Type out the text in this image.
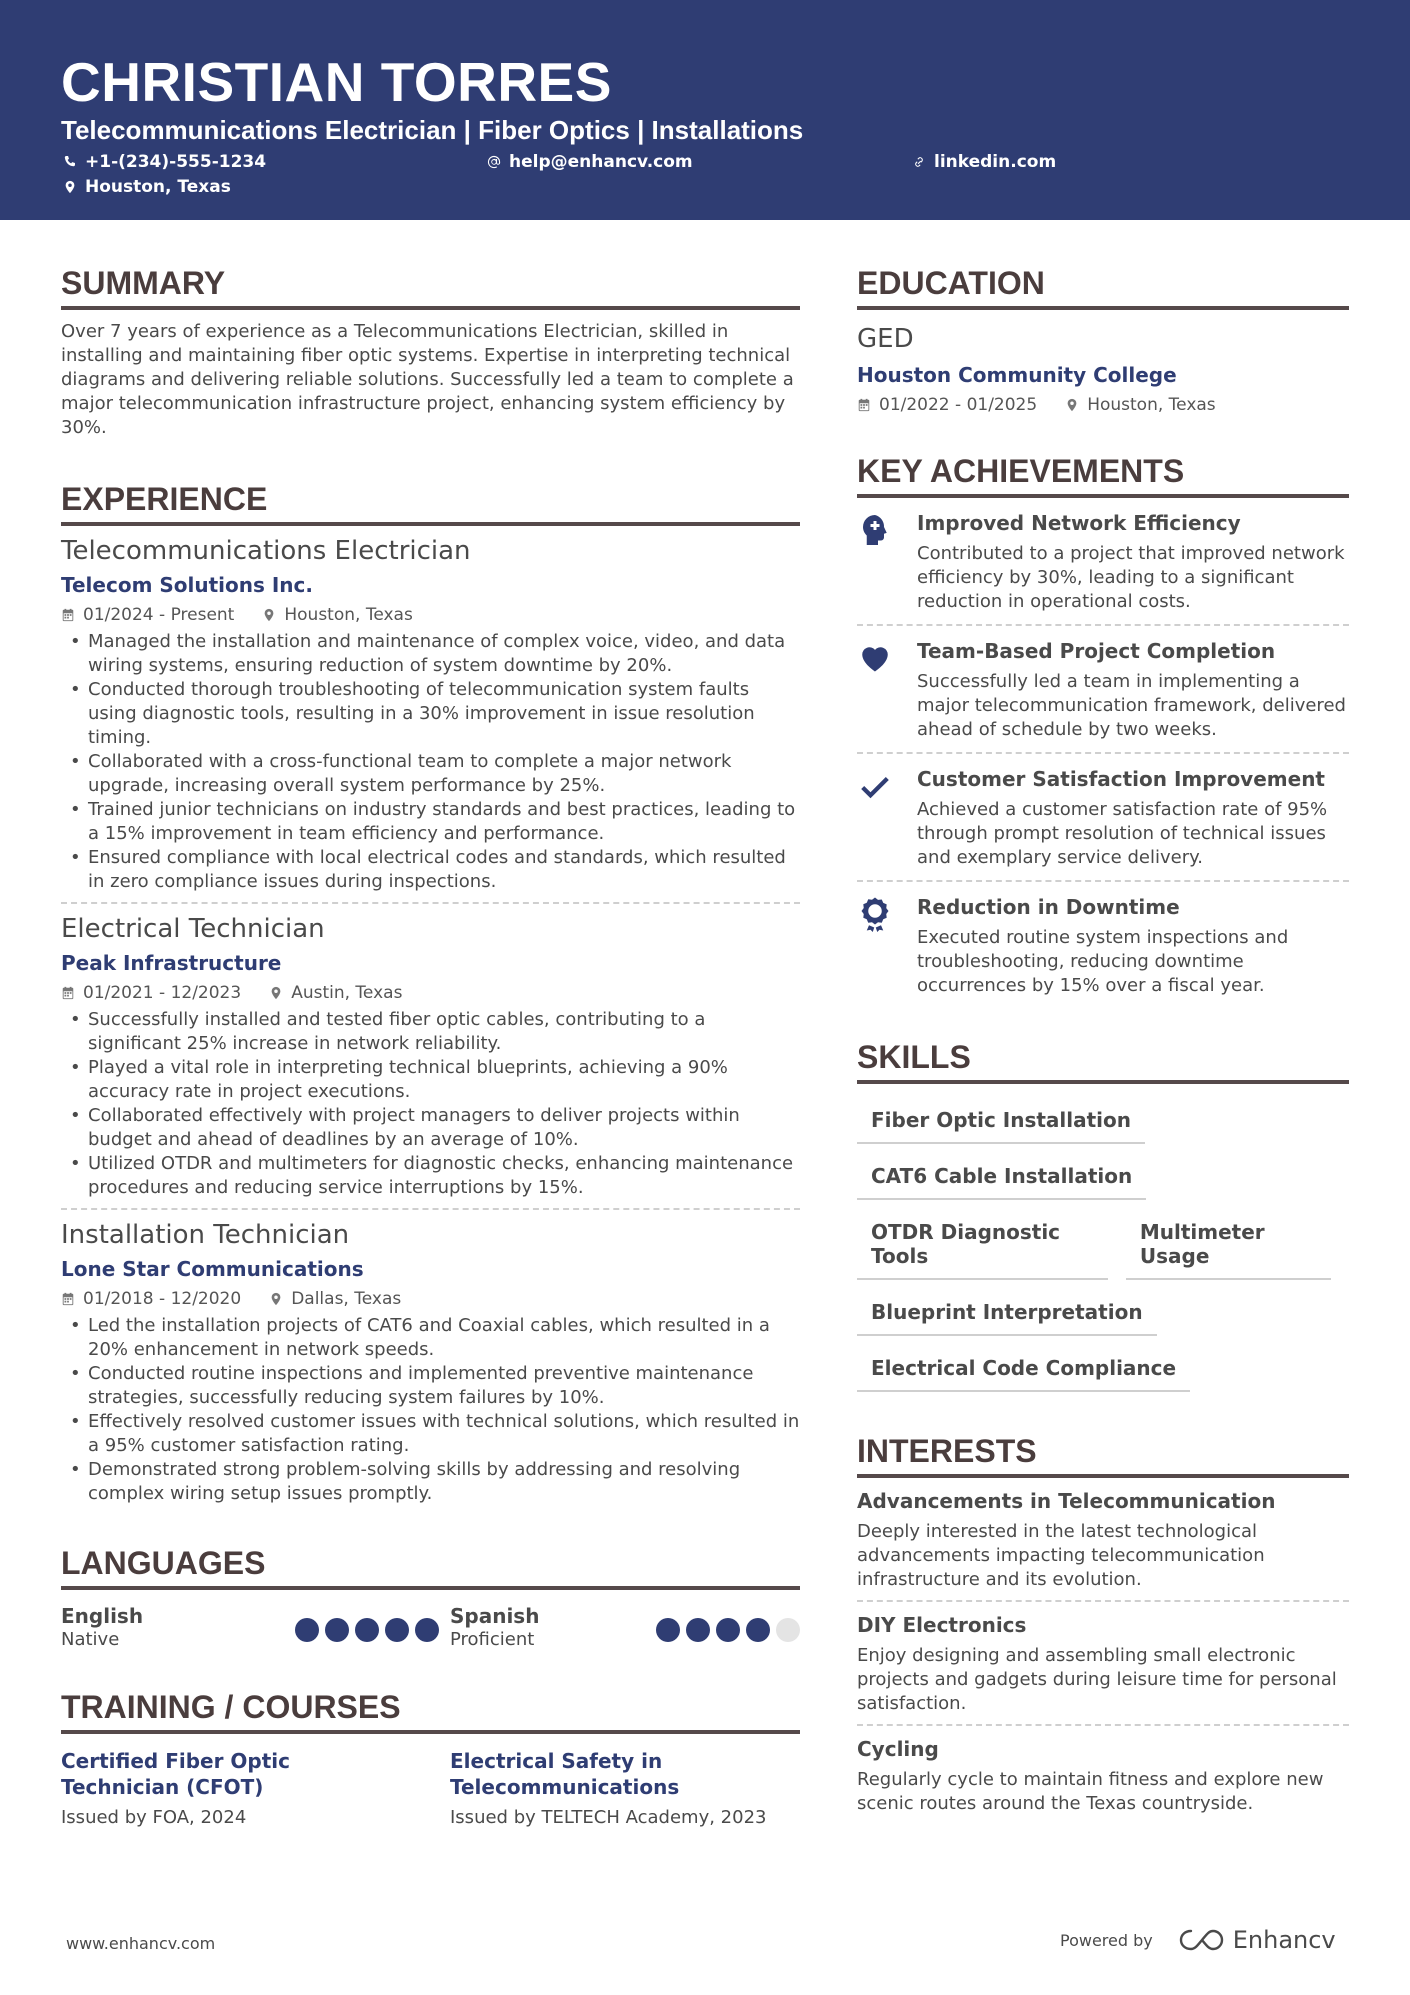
CHRISTIAN TORRES
Telecommunications Electrician | Fiber Optics | Installations
+1-(234)-555-1234	help@enhancv.com	linkedin.com
Houston, Texas
SUMMARY
Over 7 years of experience as a Telecommunications Electrician, skilled in installing and maintaining fiber optic systems. Expertise in interpreting technical diagrams and delivering reliable solutions. Successfully led a team to complete a major telecommunication infrastructure project, enhancing system efficiency by 30%.
EXPERIENCE
Telecommunications Electrician
Telecom Solutions Inc.
01/2024 - Present	Houston, Texas
• Managed the installation and maintenance of complex voice, video, and data wiring systems, ensuring reduction of system downtime by 20%.
• Conducted thorough troubleshooting of telecommunication system faults using diagnostic tools, resulting in a 30% improvement in issue resolution timing.
• Collaborated with a cross-functional team to complete a major network upgrade, increasing overall system performance by 25%.
• Trained junior technicians on industry standards and best practices, leading to a 15% improvement in team efficiency and performance.
• Ensured compliance with local electrical codes and standards, which resulted in zero compliance issues during inspections.
Electrical Technician
Peak Infrastructure
01/2021 - 12/2023	Austin, Texas
• Successfully installed and tested fiber optic cables, contributing to a significant 25% increase in network reliability.
• Played a vital role in interpreting technical blueprints, achieving a 90% accuracy rate in project executions.
• Collaborated effectively with project managers to deliver projects within budget and ahead of deadlines by an average of 10%.
• Utilized OTDR and multimeters for diagnostic checks, enhancing maintenance procedures and reducing service interruptions by 15%.
Installation Technician
Lone Star Communications
01/2018 - 12/2020	Dallas, Texas
• Led the installation projects of CAT6 and Coaxial cables, which resulted in a 20% enhancement in network speeds.
• Conducted routine inspections and implemented preventive maintenance strategies, successfully reducing system failures by 10%.
• Effectively resolved customer issues with technical solutions, which resulted in a 95% customer satisfaction rating.
• Demonstrated strong problem-solving skills by addressing and resolving complex wiring setup issues promptly.
LANGUAGES
English
Native
Spanish
Proficient
TRAINING / COURSES
Certified Fiber Optic Technician (CFOT)
Issued by FOA, 2024
Electrical Safety in Telecommunications
Issued by TELTECH Academy, 2023
EDUCATION
GED
Houston Community College
01/2022 - 01/2025	Houston, Texas
KEY ACHIEVEMENTS
Improved Network Efficiency
Contributed to a project that improved network efficiency by 30%, leading to a significant reduction in operational costs.
Team-Based Project Completion
Successfully led a team in implementing a major telecommunication framework, delivered ahead of schedule by two weeks.
Customer Satisfaction Improvement
Achieved a customer satisfaction rate of 95% through prompt resolution of technical issues and exemplary service delivery.
Reduction in Downtime
Executed routine system inspections and troubleshooting, reducing downtime occurrences by 15% over a fiscal year.
SKILLS
Fiber Optic Installation
CAT6 Cable Installation
OTDR Diagnostic Tools
Multimeter Usage
Blueprint Interpretation
Electrical Code Compliance
INTERESTS
Advancements in Telecommunication
Deeply interested in the latest technological advancements impacting telecommunication infrastructure and its evolution.
DIY Electronics
Enjoy designing and assembling small electronic projects and gadgets during leisure time for personal satisfaction.
Cycling
Regularly cycle to maintain fitness and explore new scenic routes around the Texas countryside.
www.enhancv.com	Powered by	Enhancv
